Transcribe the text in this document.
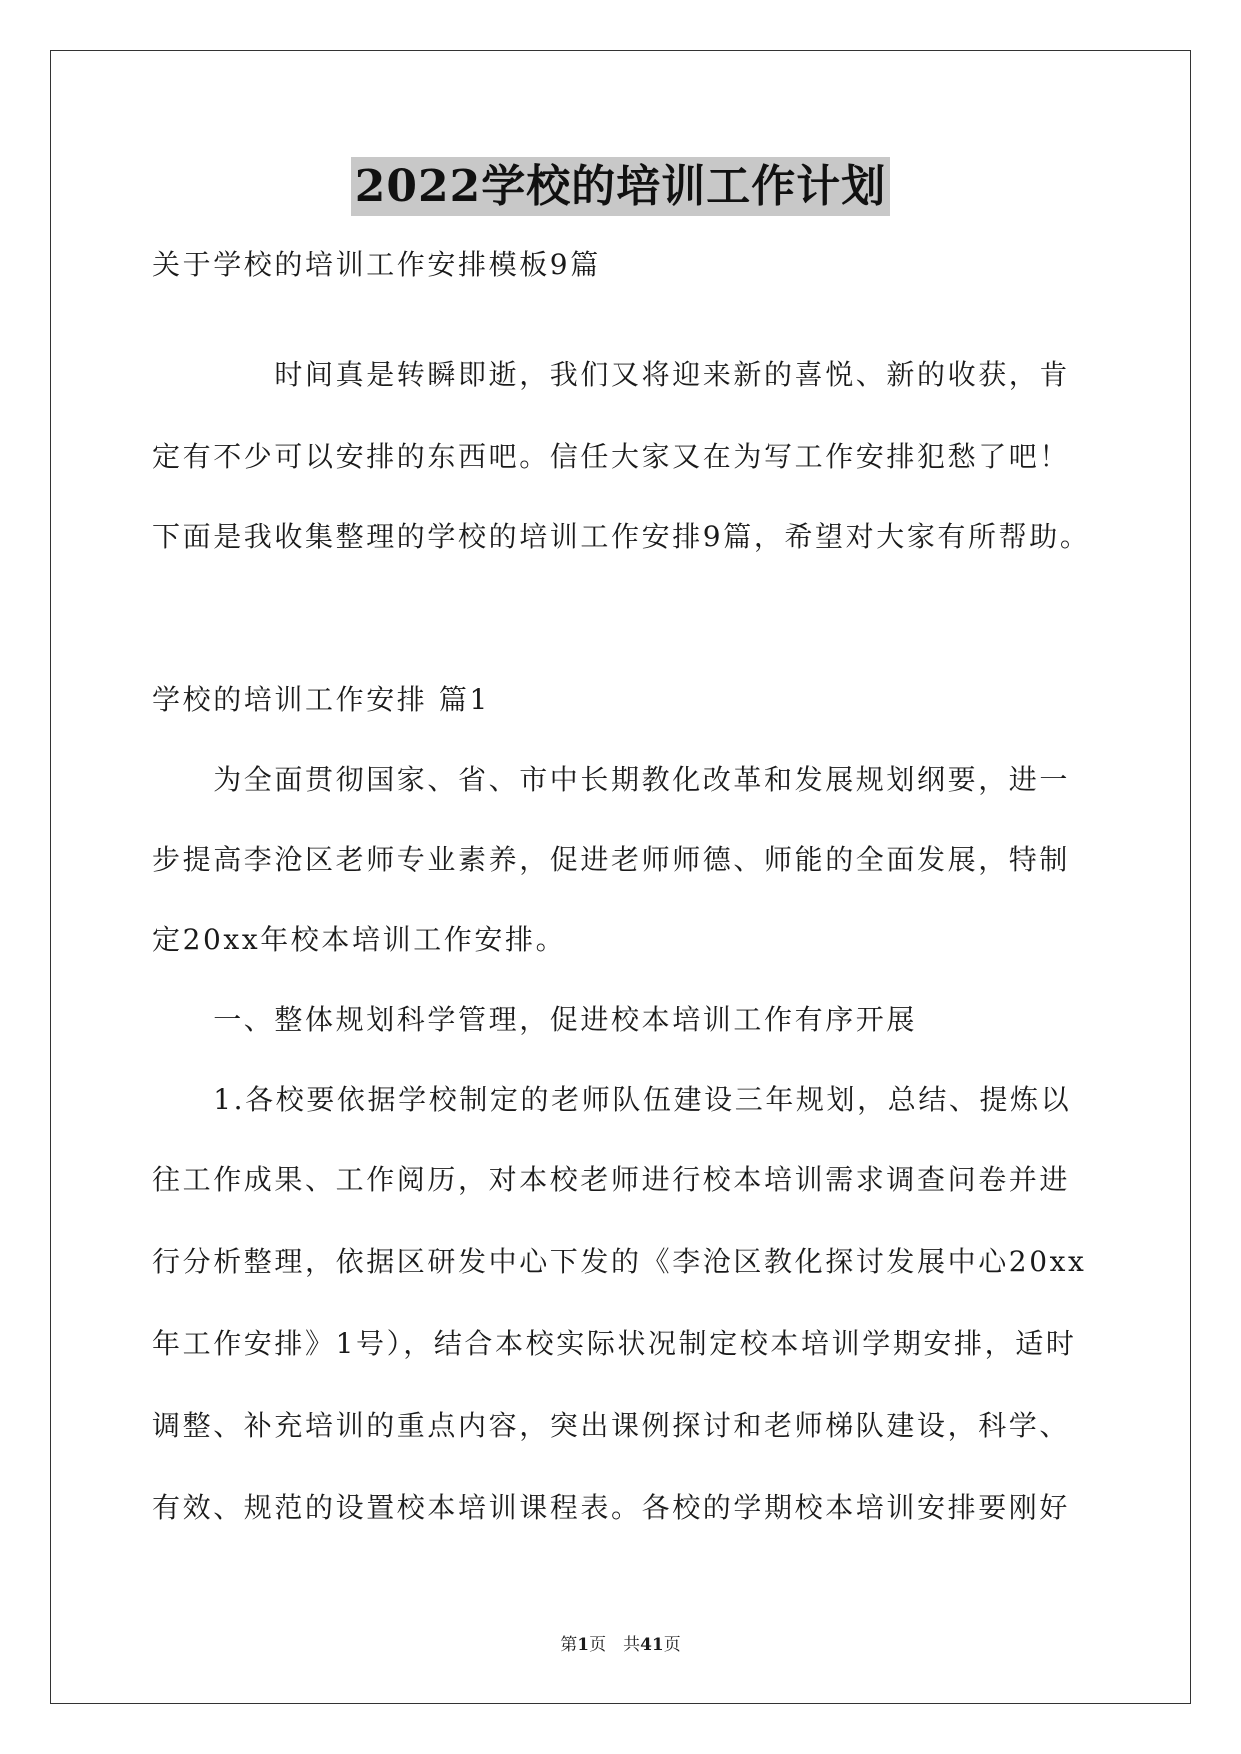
2022学校的培训工作计划
关于学校的培训工作安排模板9篇
　　　　时间真是转瞬即逝，我们又将迎来新的喜悦、新的收获，肯
定有不少可以安排的东西吧。信任大家又在为写工作安排犯愁了吧！
下面是我收集整理的学校的培训工作安排9篇，希望对大家有所帮助。
学校的培训工作安排 篇1
　　为全面贯彻国家、省、市中长期教化改革和发展规划纲要，进一
步提高李沧区老师专业素养，促进老师师德、师能的全面发展，特制
定20xx年校本培训工作安排。
　　一、整体规划科学管理，促进校本培训工作有序开展
　　1.各校要依据学校制定的老师队伍建设三年规划，总结、提炼以
往工作成果、工作阅历，对本校老师进行校本培训需求调查问卷并进
行分析整理，依据区研发中心下发的《李沧区教化探讨发展中心20xx
年工作安排》1号），结合本校实际状况制定校本培训学期安排，适时
调整、补充培训的重点内容，突出课例探讨和老师梯队建设，科学、
有效、规范的设置校本培训课程表。各校的学期校本培训安排要刚好
第1页　共41页
